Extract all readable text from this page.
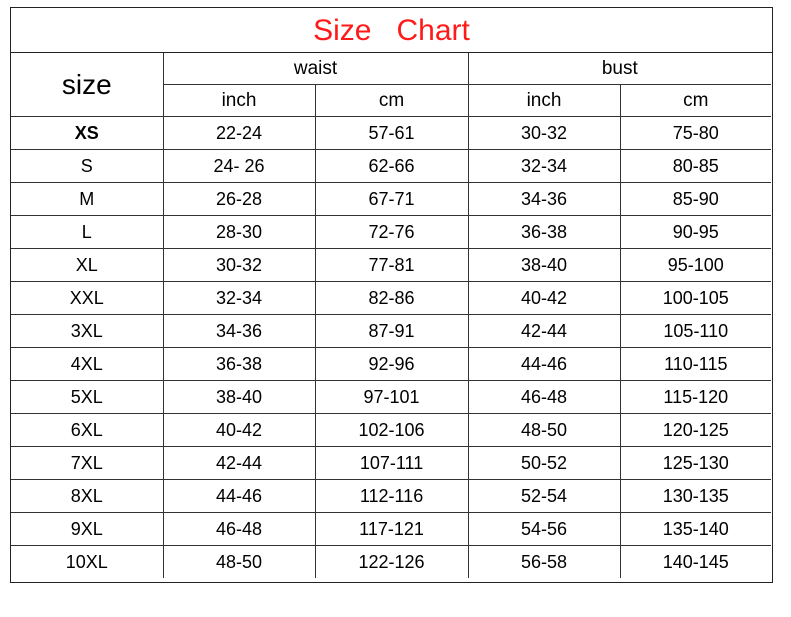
Size   Chart
size	waist		bust	
	inch	cm	inch	cm
XS	22-24	57-61	30-32	75-80
S	24- 26	62-66	32-34	80-85
M	26-28	67-71	34-36	85-90
L	28-30	72-76	36-38	90-95
XL	30-32	77-81	38-40	95-100
XXL	32-34	82-86	40-42	100-105
3XL	34-36	87-91	42-44	105-110
4XL	36-38	92-96	44-46	110-115
5XL	38-40	97-101	46-48	115-120
6XL	40-42	102-106	48-50	120-125
7XL	42-44	107-111	50-52	125-130
8XL	44-46	112-116	52-54	130-135
9XL	46-48	117-121	54-56	135-140
10XL	48-50	122-126	56-58	140-145
